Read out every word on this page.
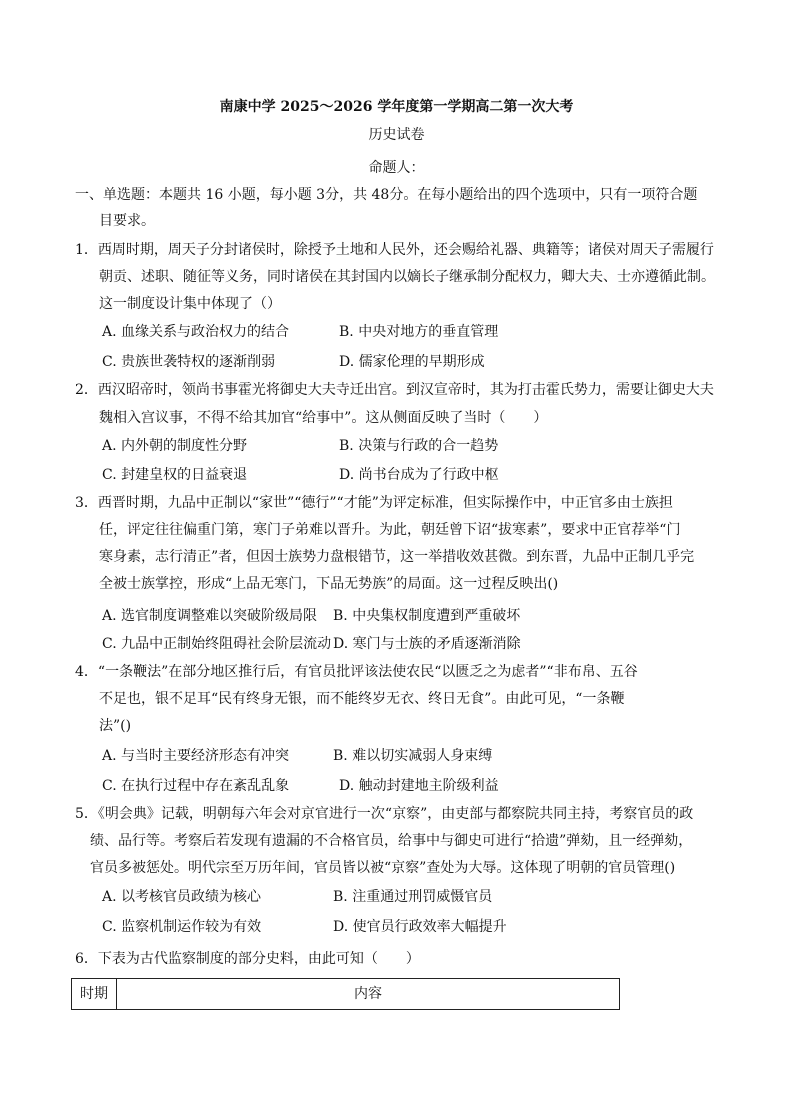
南康中学 2025～2026 学年度第一学期高二第一次大考
历史试卷
命题人：
一、单选题：本题共 16 小题，每小题 3分，共 48分。在每小题给出的四个选项中，只有一项符合题
目要求。
1．西周时期，周天子分封诸侯时，除授予土地和人民外，还会赐给礼器、典籍等；诸侯对周天子需履行
朝贡、述职、随征等义务，同时诸侯在其封国内以嫡长子继承制分配权力，卿大夫、士亦遵循此制。
这一制度设计集中体现了（）
A. 血缘关系与政治权力的结合	B. 中央对地方的垂直管理
C. 贵族世袭特权的逐渐削弱	D. 儒家伦理的早期形成
2．西汉昭帝时，领尚书事霍光将御史大夫寺迁出宫。到汉宣帝时，其为打击霍氏势力，需要让御史大夫
魏相入宫议事，不得不给其加官“给事中”。这从侧面反映了当时（　　）
A. 内外朝的制度性分野	B. 决策与行政的合一趋势
C. 封建皇权的日益衰退	D. 尚书台成为了行政中枢
3．西晋时期，九品中正制以“家世”“德行”“才能”为评定标准，但实际操作中，中正官多由士族担
任，评定往往偏重门第，寒门子弟难以晋升。为此，朝廷曾下诏“拔寒素”，要求中正官荐举“门
寒身素，志行清正”者，但因士族势力盘根错节，这一举措收效甚微。到东晋，九品中正制几乎完
全被士族掌控，形成“上品无寒门，下品无势族”的局面。这一过程反映出()
A. 选官制度调整难以突破阶级局限 B. 中央集权制度遭到严重破坏
C. 九品中正制始终阻碍社会阶层流动 D. 寒门与士族的矛盾逐渐消除
4．“一条鞭法”在部分地区推行后，有官员批评该法使农民“以匮乏之为虑者”“非布帛、五谷
不足也，银不足耳“民有终身无银，而不能终岁无衣、终日无食”。由此可见，“一条鞭
法”()
A. 与当时主要经济形态有冲突	B. 难以切实减弱人身束缚
C. 在执行过程中存在紊乱乱象	D. 触动封建地主阶级利益
5．《明会典》记载，明朝每六年会对京官进行一次“京察”，由吏部与都察院共同主持，考察官员的政
绩、品行等。考察后若发现有遗漏的不合格官员，给事中与御史可进行“拾遗”弹劾，且一经弹劾，
官员多被惩处。明代宗至万历年间，官员皆以被“京察”查处为大辱。这体现了明朝的官员管理()
A. 以考核官员政绩为核心	B. 注重通过刑罚威慑官员
C. 监察机制运作较为有效	D. 使官员行政效率大幅提升
6．下表为古代监察制度的部分史料，由此可知（　　）
时期	内容
